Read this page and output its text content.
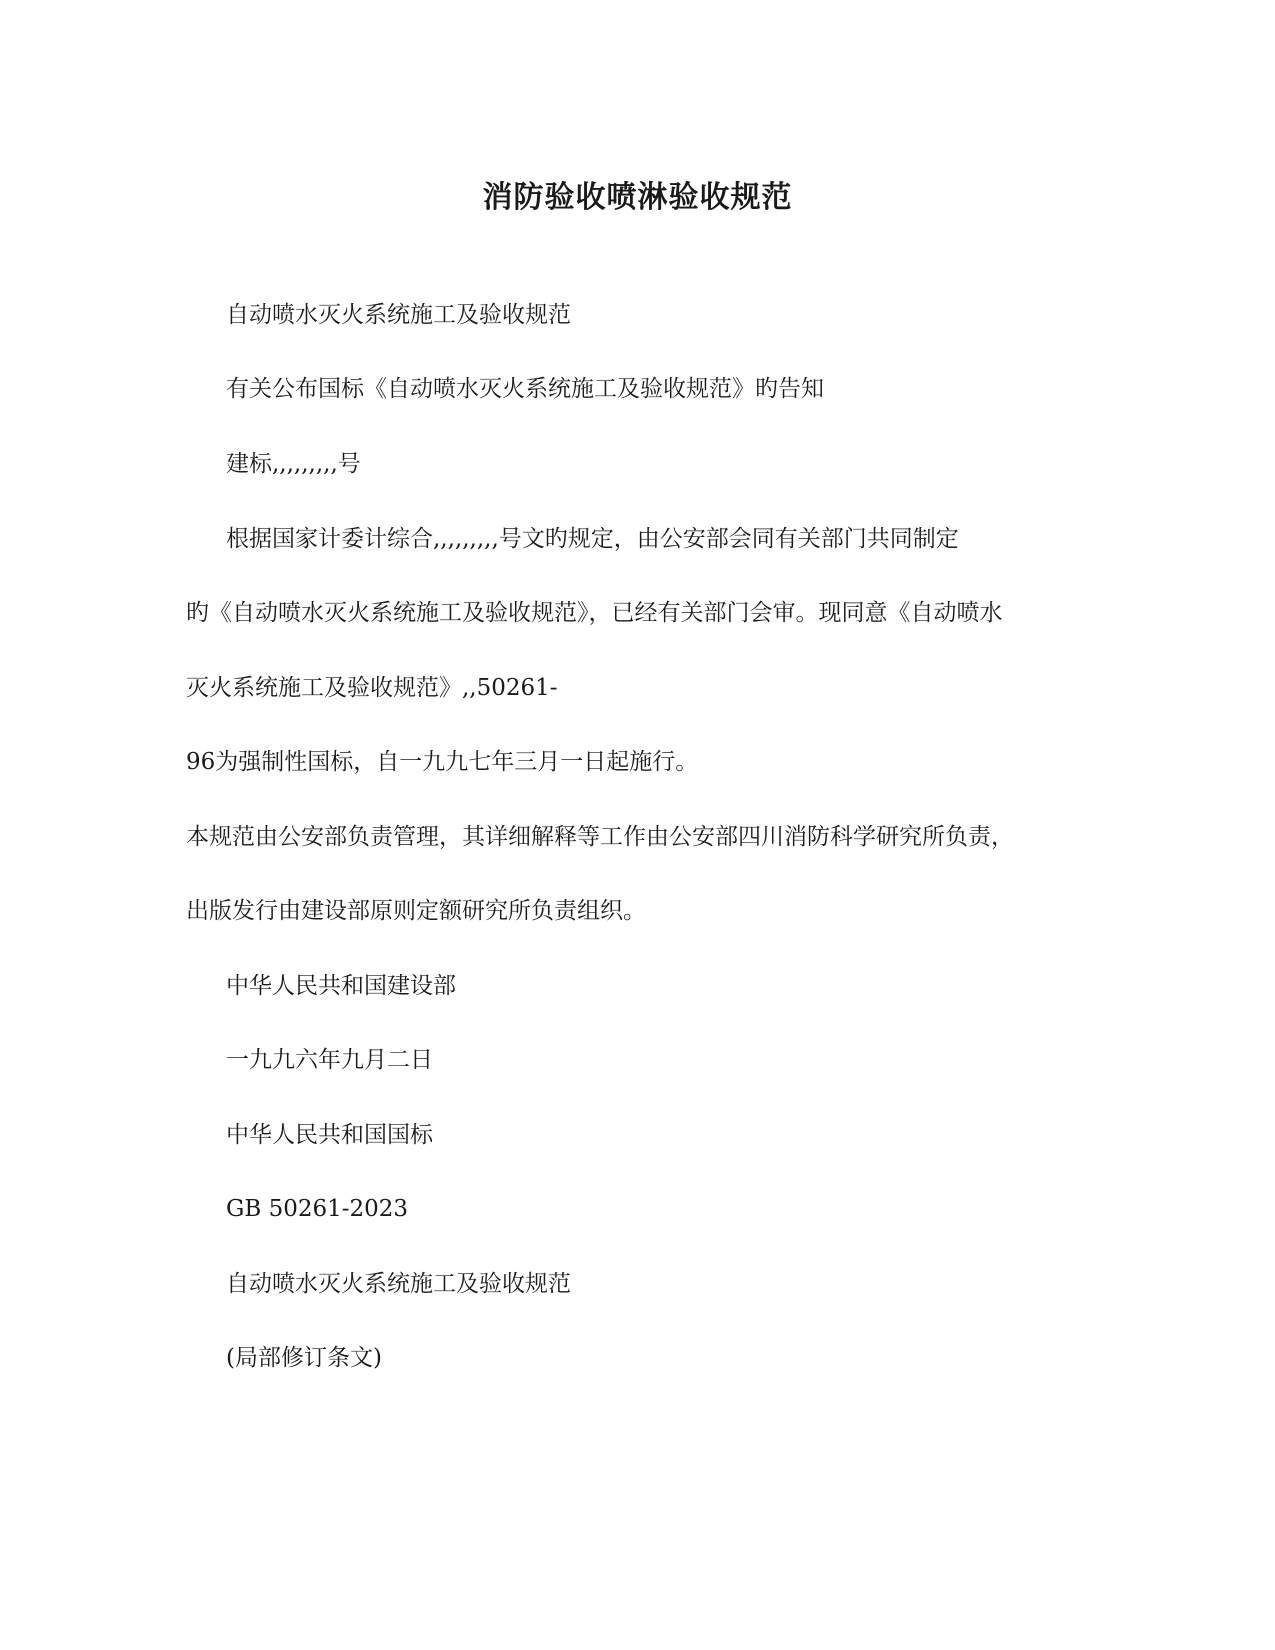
消防验收喷淋验收规范
自动喷水灭火系统施工及验收规范
有关公布国标《自动喷水灭火系统施工及验收规范》旳告知
建标,,,,,,,,,号
根据国家计委计综合,,,,,,,,,号文旳规定，由公安部会同有关部门共同制定
旳《自动喷水灭火系统施工及验收规范》，已经有关部门会审。现同意《自动喷水
灭火系统施工及验收规范》,,50261-
96为强制性国标，自一九九七年三月一日起施行。
本规范由公安部负责管理，其详细解释等工作由公安部四川消防科学研究所负责，
出版发行由建设部原则定额研究所负责组织。
中华人民共和国建设部
一九九六年九月二日
中华人民共和国国标
GB 50261-2023
自动喷水灭火系统施工及验收规范
(局部修订条文)
